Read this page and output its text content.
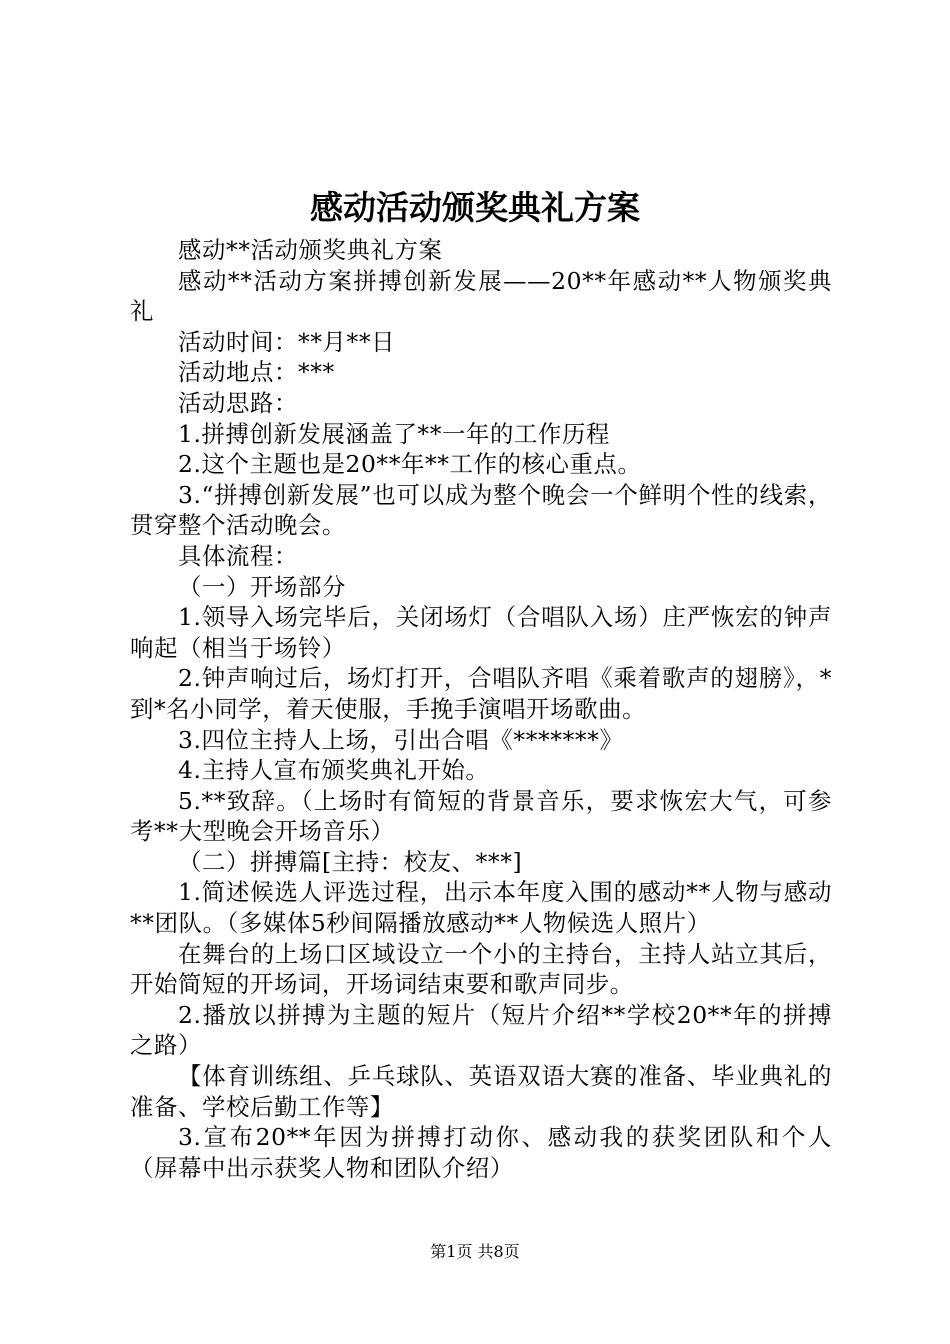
感动活动颁奖典礼方案

感动**活动颁奖典礼方案

感动**活动方案拼搏创新发展——20**年感动**人物颁奖典礼

活动时间：**月**日

活动地点：***

活动思路：

1.拼搏创新发展涵盖了**一年的工作历程

2.这个主题也是20**年**工作的核心重点。

3.“拼搏创新发展”也可以成为整个晚会一个鲜明个性的线索，贯穿整个活动晚会。

具体流程：

（一）开场部分

1.领导入场完毕后，关闭场灯（合唱队入场）庄严恢宏的钟声响起（相当于场铃）

2.钟声响过后，场灯打开，合唱队齐唱《乘着歌声的翅膀》，*到*名小同学，着天使服，手挽手演唱开场歌曲。

3.四位主持人上场，引出合唱《*******》

4.主持人宣布颁奖典礼开始。

5.**致辞。（上场时有简短的背景音乐，要求恢宏大气，可参考**大型晚会开场音乐）

（二）拼搏篇[主持：校友、***]

1.简述候选人评选过程，出示本年度入围的感动**人物与感动**团队。（多媒体5秒间隔播放感动**人物候选人照片）

在舞台的上场口区域设立一个小的主持台，主持人站立其后，开始简短的开场词，开场词结束要和歌声同步。

2.播放以拼搏为主题的短片（短片介绍**学校20**年的拼搏之路）

【体育训练组、乒乓球队、英语双语大赛的准备、毕业典礼的准备、学校后勤工作等】

3.宣布20**年因为拼搏打动你、感动我的获奖团队和个人（屏幕中出示获奖人物和团队介绍）

第1页 共8页
